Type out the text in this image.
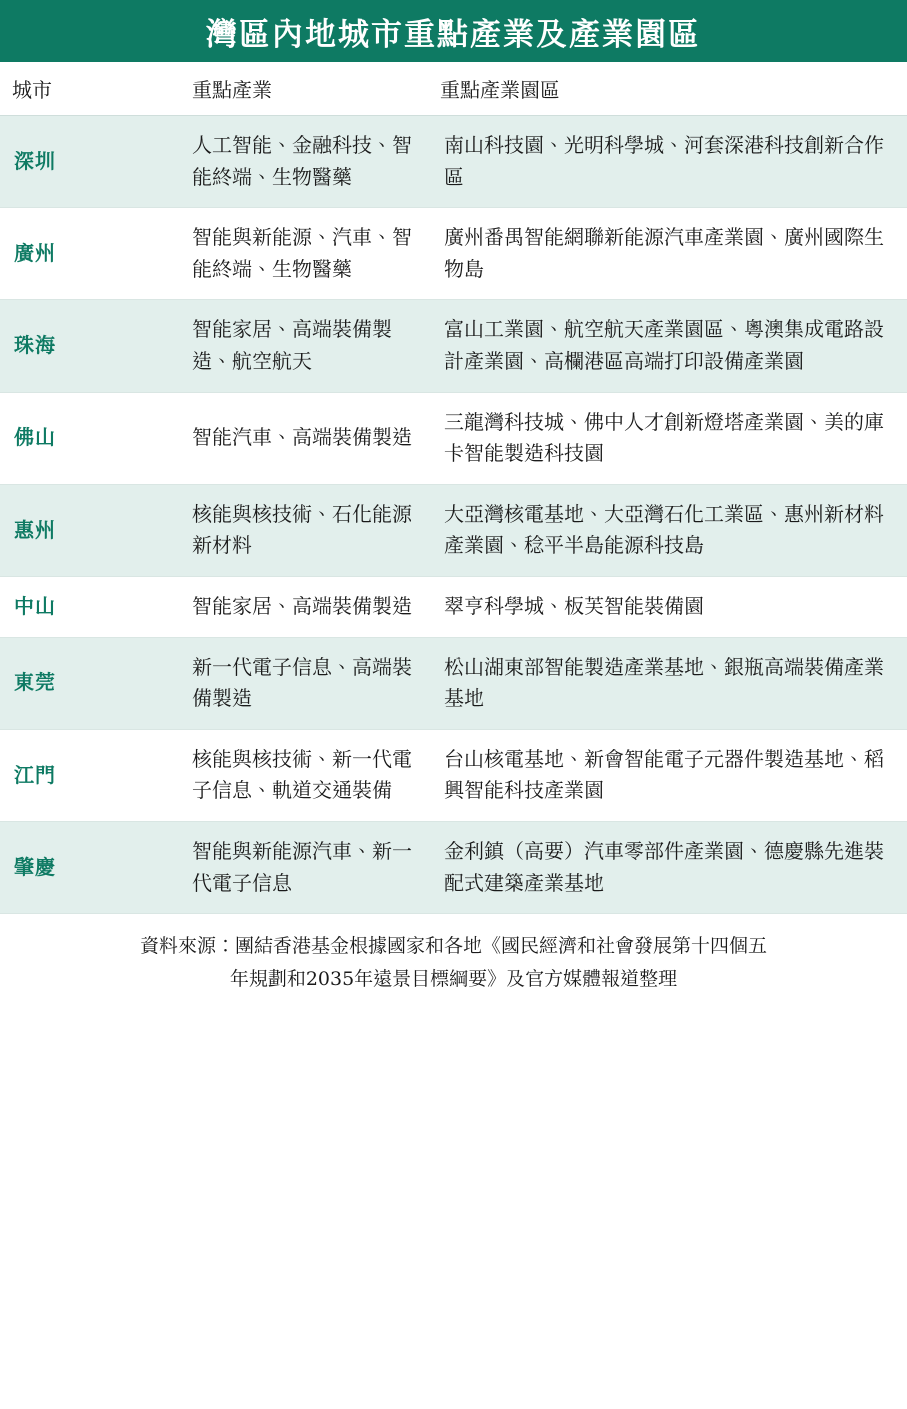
灣區內地城市重點產業及產業園區
城市	重點產業	重點產業園區
深圳	人工智能、金融科技、智能終端、生物醫藥	南山科技園、光明科學城、河套深港科技創新合作區
廣州	智能與新能源、汽車、智能終端、生物醫藥	廣州番禺智能網聯新能源汽車產業園、廣州國際生物島
珠海	智能家居、高端裝備製造、航空航天	富山工業園、航空航天產業園區、粵澳集成電路設計產業園、高欄港區高端打印設備產業園
佛山	智能汽車、高端裝備製造	三龍灣科技城、佛中人才創新燈塔產業園、美的庫卡智能製造科技園
惠州	核能與核技術、石化能源新材料	大亞灣核電基地、大亞灣石化工業區、惠州新材料產業園、稔平半島能源科技島
中山	智能家居、高端裝備製造	翠亨科學城、板芙智能裝備園
東莞	新一代電子信息、高端裝備製造	松山湖東部智能製造產業基地、銀瓶高端裝備產業基地
江門	核能與核技術、新一代電子信息、軌道交通裝備	台山核電基地、新會智能電子元器件製造基地、稻興智能科技產業園
肇慶	智能與新能源汽車、新一代電子信息	金利鎮（高要）汽車零部件產業園、德慶縣先進裝配式建築產業基地
資料來源：團結香港基金根據國家和各地《國民經濟和社會發展第十四個五
年規劃和2035年遠景目標綱要》及官方媒體報道整理
